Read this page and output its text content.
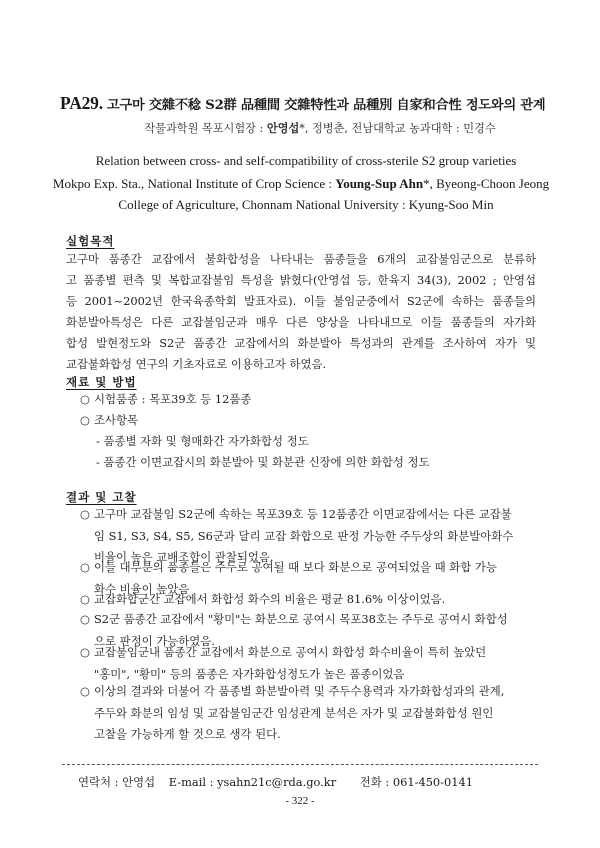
PA29. 고구마 交雜不稔 S2群 品種間 交雜特性과 品種別 自家和合性 정도와의 관계
작물과학원 목포시험장 : 안영섭*, 정병춘, 전남대학교 농과대학 : 민경수
Relation between cross- and self-compatibility of cross-sterile S2 group varieties
Mokpo Exp. Sta., National Institute of Crop Science : Young-Sup Ahn*, Byeong-Choon Jeong
College of Agriculture, Chonnam National University : Kyung-Soo Min
실험목적
고구마 품종간 교잡에서 불화합성을 나타내는 품종들을 6개의 교잡불임군으로 분류하
고 품종별 편측 및 복합교잡불임 특성을 밝혔다(안영섭 등, 한육지 34(3), 2002 ; 안영섭
등 2001~2002년 한국육종학회 발표자료). 이들 불임군중에서 S2군에 속하는 품종들의
화분발아특성은 다른 교잡불임군과 매우 다른 양상을 나타내므로 이들 품종들의 자가화
합성 발현정도와 S2군 품종간 교잡에서의 화분발아 특성과의 관계를 조사하여 자가 및
교잡불화합성 연구의 기초자료로 이용하고자 하였음.
재료 및 방법
○ 시험품종 : 목포39호 등 12품종
○ 조사항목
- 품종별 자화 및 형매화간 자가화합성 정도
- 품종간 이면교잡시의 화분발아 및 화분관 신장에 의한 화합성 정도
결과 및 고찰
○ 고구마 교잡불임 S2군에 속하는 목포39호 등 12품종간 이면교잡에서는 다른 교잡불
임 S1, S3, S4, S5, S6군과 달리 교잡 화합으로 판정 가능한 주두상의 화분발아화수
비율이 높은 교배조합이 관찰되었음.
○ 이들 대부분의 품종들은 주두로 공여될 때 보다 화분으로 공여되었을 때 화합 가능
화수 비율이 높았음
○ 교잡화합군간 교잡에서 화합성 화수의 비율은 평균 81.6% 이상이었음.
○ S2군 품종간 교잡에서 "황미"는 화분으로 공여시 목포38호는 주두로 공여시 화합성
으로 판정이 가능하였음.
○ 교잡불임군내 품종간 교잡에서 화분으로 공여시 화합성 화수비율이 특히 높았던
"홍미", "황미" 등의 품종은 자가화합성정도가 높은 품종이었음
○ 이상의 결과와 더불어 각 품종별 화분발아력 및 주두수용력과 자가화합성과의 관계,
주두와 화분의 임성 및 교잡불임군간 임성관계 분석은 자가 및 교잡불화합성 원인
고찰을 가능하게 할 것으로 생각 된다.
연락처 : 안영섭 E-mail : ysahn21c@rda.go.kr 전화 : 061-450-0141
- 322 -
